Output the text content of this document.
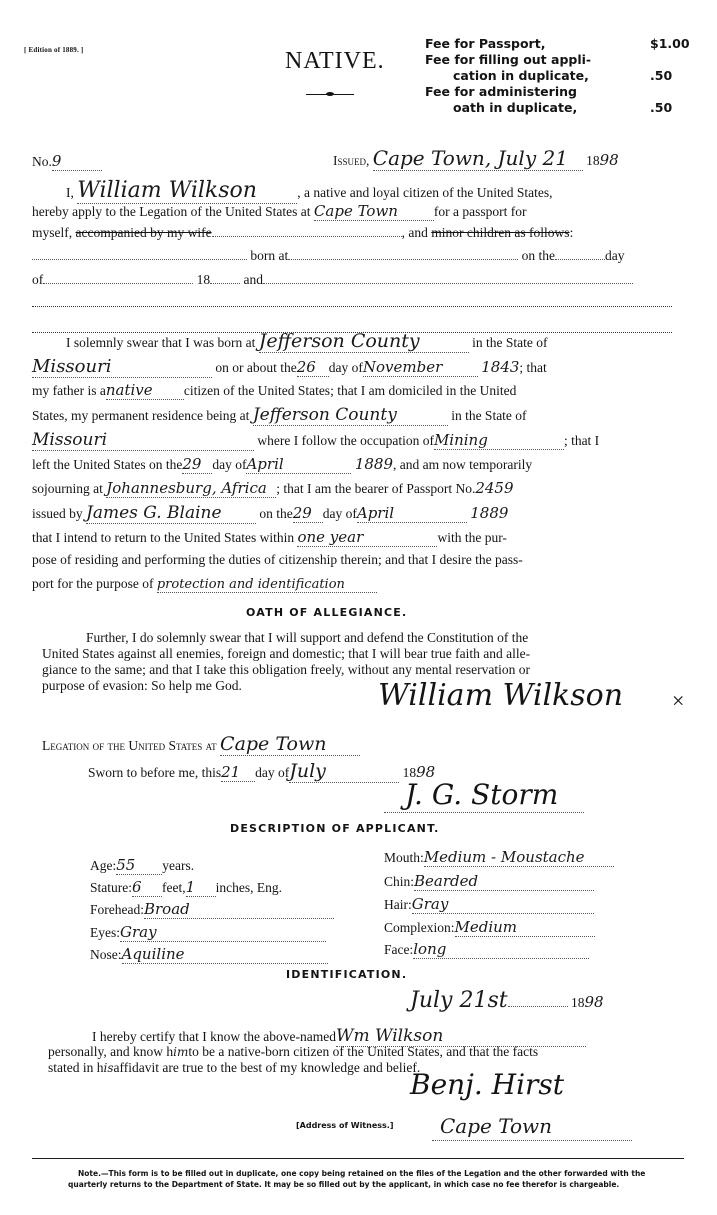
[ Edition of 1889. ]	NATIVE.
Fee for Passport,	$1.00
Fee for filling out appli-
cation in duplicate,	.50
Fee for administering
oath in duplicate,	.50
No.9	Issued, Cape Town, July 21 1898
I, William Wilkson	, a native and loyal citizen of the United States,
hereby apply to the Legation of the United States at Cape Town	for a passport for
myself, accompanied by my wife	, and minor children as follows:
born at	on the	day
of	18 and
I solemnly swear that I was born at Jefferson County	in the State of
Missouri	on or about the26 day ofNovember	1843; that
my father is anative citizen of the United States; that I am domiciled in the United
States, my permanent residence being at Jefferson County	in the State of
Missouri	where I follow the occupation ofMining	; that I
left the United States on the29 day ofApril	1889, and am now temporarily
sojourning at Johannesburg, Africa ; that I am the bearer of Passport No.2459
issued by James G. Blaine	on the29 day ofApril	1889
that I intend to return to the United States within one year	with the pur-
pose of residing and performing the duties of citizenship therein; and that I desire the pass-
port for the purpose of protection and identification
OATH OF ALLEGIANCE.
Further, I do solemnly swear that I will support and defend the Constitution of the
United States against all enemies, foreign and domestic; that I will bear true faith and alle-
giance to the same; and that I take this obligation freely, without any mental reservation or
purpose of evasion: So help me God.	William Wilkson ×
Legation of the United States at Cape Town
Sworn to before me, this21 day ofJuly	1898
J. G. Storm
DESCRIPTION OF APPLICANT.
Age:55 years.
Stature:6 feet,1 inches, Eng.
Forehead:Broad
Eyes:Gray
Nose:Aquiline
Mouth:Medium - Moustache
Chin:Bearded
Hair:Gray
Complexion:Medium
Face:long
IDENTIFICATION.
July 21st	1898
I hereby certify that I know the above-namedWm Wilkson
personally, and know himto be a native-born citizen of the United States, and that the facts
stated in hisaffidavit are true to the best of my knowledge and belief.
Benj. Hirst
[Address of Witness.] Cape Town
Note.—This form is to be filled out in duplicate, one copy being retained on the files of the Legation and the other forwarded with the
quarterly returns to the Department of State. It may be so filled out by the applicant, in which case no fee therefor is chargeable.
